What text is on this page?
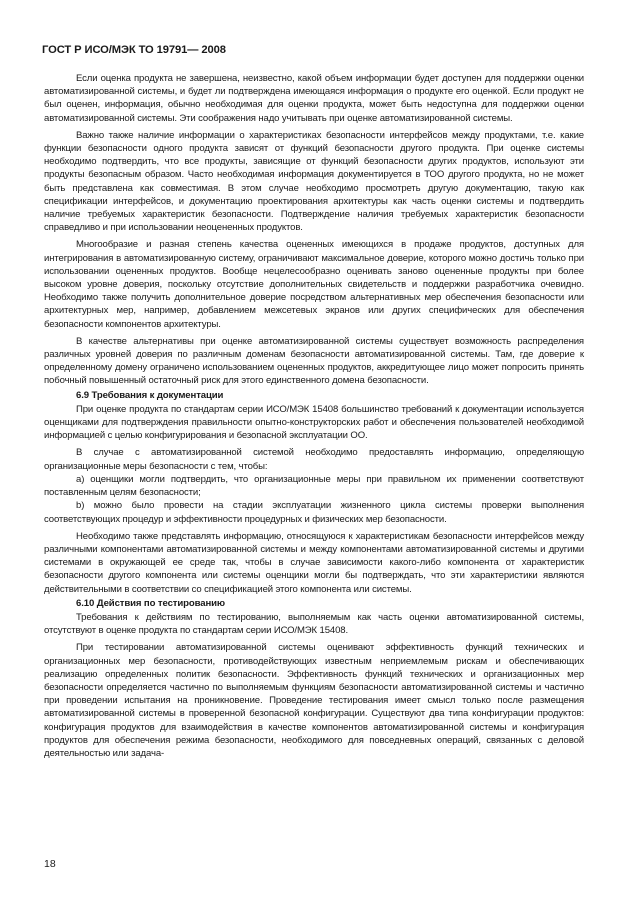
ГОСТ Р ИСО/МЭК ТО 19791— 2008

Если оценка продукта не завершена, неизвестно, какой объем информации будет доступен для поддержки оценки автоматизированной системы, и будет ли подтверждена имеющаяся информация о продукте его оценкой. Если продукт не был оценен, информация, обычно необходимая для оценки продукта, может быть недоступна для поддержки оценки автоматизированной системы. Эти соображения надо учитывать при оценке автоматизированной системы.

Важно также наличие информации о характеристиках безопасности интерфейсов между продуктами, т.е. какие функции безопасности одного продукта зависят от функций безопасности другого продукта. При оценке системы необходимо подтвердить, что все продукты, зависящие от функций безопасности других продуктов, используют эти продукты безопасным образом. Часто необходимая информация документируется в ТОО другого продукта, но не может быть представлена как совместимая. В этом случае необходимо просмотреть другую документацию, такую как спецификации интерфейсов, и документацию проектирования архитектуры как часть оценки системы и подтвердить наличие требуемых характеристик безопасности. Подтверждение наличия требуемых характеристик безопасности справедливо и при использовании неоцененных продуктов.

Многообразие и разная степень качества оцененных имеющихся в продаже продуктов, доступных для интегрирования в автоматизированную систему, ограничивают максимальное доверие, которого можно достичь только при использовании оцененных продуктов. Вообще нецелесообразно оценивать заново оцененные продукты при более высоком уровне доверия, поскольку отсутствие дополнительных свидетельств и поддержки разработчика очевидно. Необходимо также получить дополнительное доверие посредством альтернативных мер обеспечения безопасности или архитектурных мер, например, добавлением межсетевых экранов или других специфических для обеспечения безопасности компонентов архитектуры.

В качестве альтернативы при оценке автоматизированной системы существует возможность распределения различных уровней доверия по различным доменам безопасности автоматизированной системы. Там, где доверие к определенному домену ограничено использованием оцененных продуктов, аккредитующее лицо может попросить принять побочный повышенный остаточный риск для этого единственного домена безопасности.

6.9 Требования к документации

При оценке продукта по стандартам серии ИСО/МЭК 15408 большинство требований к документации используется оценщиками для подтверждения правильности опытно-конструкторских работ и обеспечения пользователей необходимой информацией с целью конфигурирования и безопасной эксплуатации ОО.

В случае с автоматизированной системой необходимо предоставлять информацию, определяющую организационные меры безопасности с тем, чтобы:

a) оценщики могли подтвердить, что организационные меры при правильном их применении соответствуют поставленным целям безопасности;

b) можно было провести на стадии эксплуатации жизненного цикла системы проверки выполнения соответствующих процедур и эффективности процедурных и физических мер безопасности.

Необходимо также представлять информацию, относящуюся к характеристикам безопасности интерфейсов между различными компонентами автоматизированной системы и между компонентами автоматизированной системы и другими системами в окружающей ее среде так, чтобы в случае зависимости какого-либо компонента от характеристик безопасности другого компонента или системы оценщики могли бы подтверждать, что эти характеристики являются действительными в соответствии со спецификацией этого компонента или системы.

6.10 Действия по тестированию

Требования к действиям по тестированию, выполняемым как часть оценки автоматизированной системы, отсутствуют в оценке продукта по стандартам серии ИСО/МЭК 15408.

При тестировании автоматизированной системы оценивают эффективность функций технических и организационных мер безопасности, противодействующих известным неприемлемым рискам и обеспечивающих реализацию определенных политик безопасности. Эффективность функций технических и организационных мер безопасности определяется частично по выполняемым функциям безопасности автоматизированной системы и частично при проведении испытания на проникновение. Проведение тестирования имеет смысл только после размещения автоматизированной системы в проверенной безопасной конфигурации. Существуют два типа конфигурации продуктов: конфигурация продуктов для взаимодействия в качестве компонентов автоматизированной системы и конфигурация продуктов для обеспечения режима безопасности, необходимого для повседневных операций, связанных с деловой деятельностью или задача-

18
